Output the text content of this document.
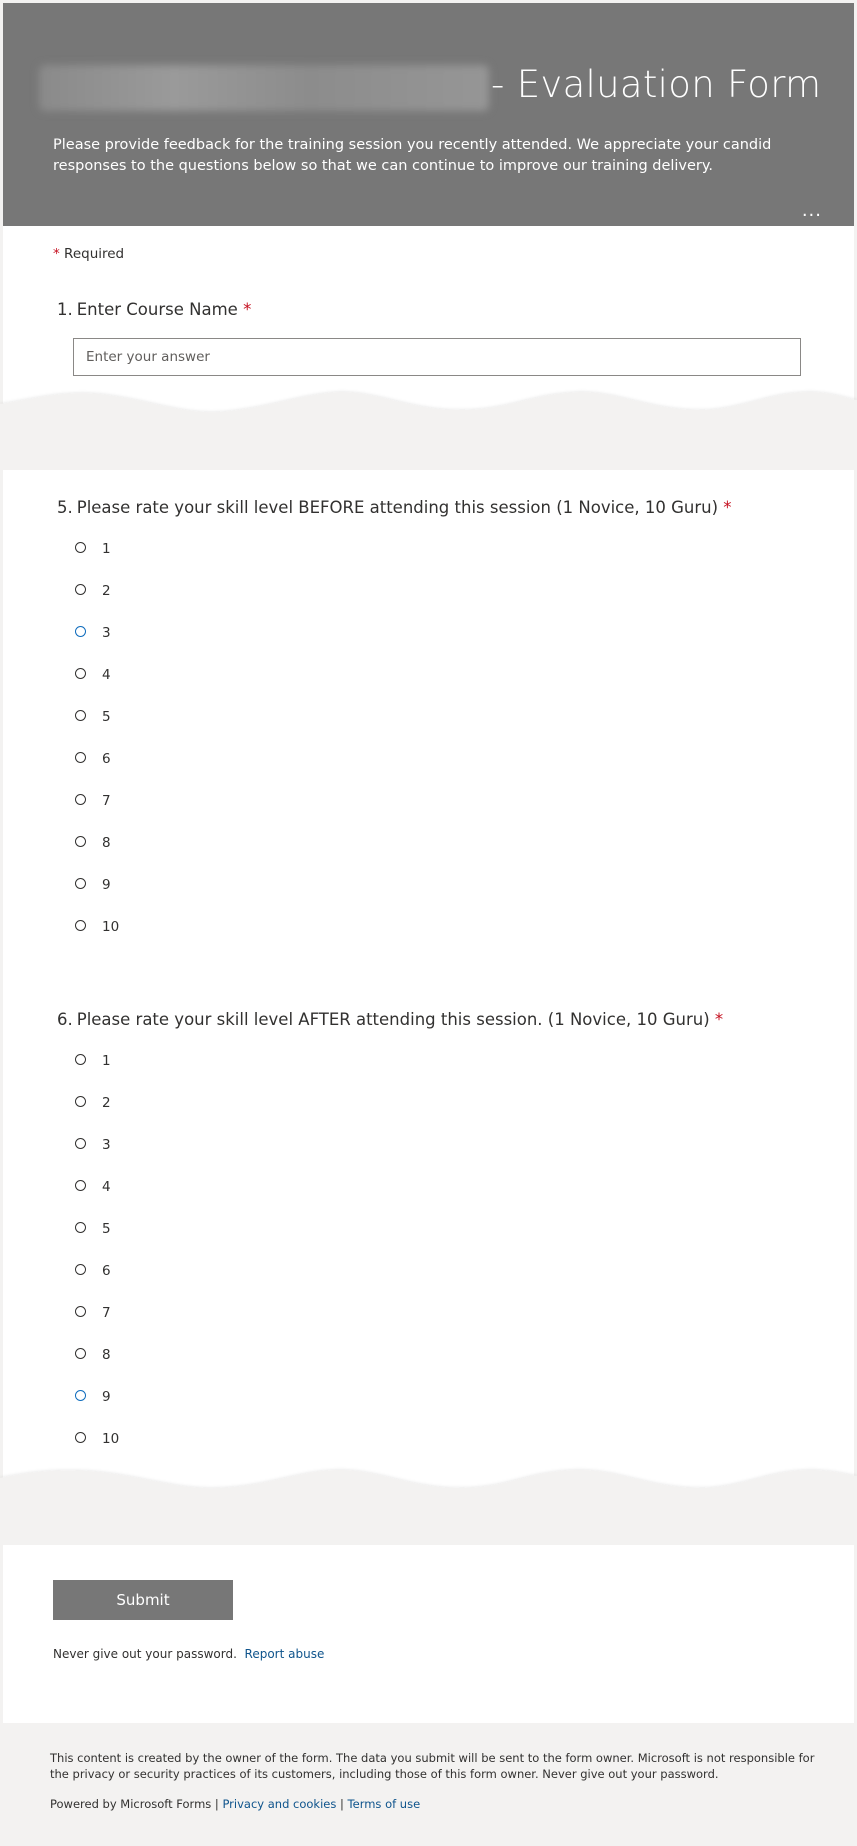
- Evaluation Form
Please provide feedback for the training session you recently attended. We appreciate your candid responses to the questions below so that we can continue to improve our training delivery.
...
* Required
1. Enter Course Name *
Enter your answer
5. Please rate your skill level BEFORE attending this session (1 Novice, 10 Guru) *
1
2
3
4
5
6
7
8
9
10
6. Please rate your skill level AFTER attending this session. (1 Novice, 10 Guru) *
1
2
3
4
5
6
7
8
9
10
Submit
Never give out your password. Report abuse
This content is created by the owner of the form. The data you submit will be sent to the form owner. Microsoft is not responsible for the privacy or security practices of its customers, including those of this form owner. Never give out your password.
Powered by Microsoft Forms | Privacy and cookies | Terms of use
